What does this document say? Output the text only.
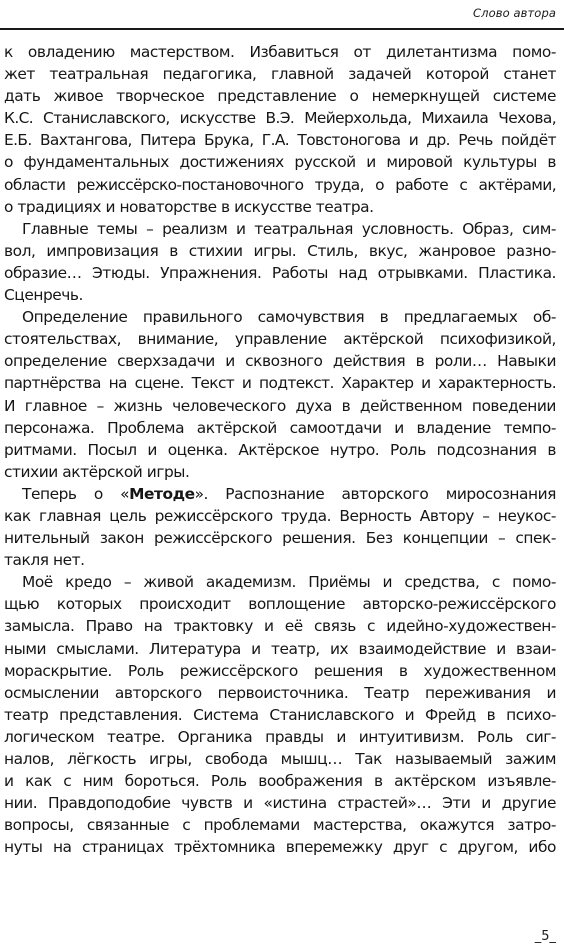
Слово автора
к овладению мастерством. Избавиться от дилетантизма помо-
жет театральная педагогика, главной задачей которой станет
дать живое творческое представление о немеркнущей системе
К.С. Станиславского, искусстве В.Э. Мейерхольда, Михаила Чехова,
Е.Б. Вахтангова, Питера Брука, Г.А. Товстоногова и др. Речь пойдёт
о фундаментальных достижениях русской и мировой культуры в
области режиссёрско-постановочного труда, о работе с актёрами,
о традициях и новаторстве в искусстве театра.
Главные темы – реализм и театральная условность. Образ, сим-
вол, импровизация в стихии игры. Стиль, вкус, жанровое разно-
образие… Этюды. Упражнения. Работы над отрывками. Пластика.
Сценречь.
Определение правильного самочувствия в предлагаемых об-
стоятельствах, внимание, управление актёрской психофизикой,
определение сверхзадачи и сквозного действия в роли… Навыки
партнёрства на сцене. Текст и подтекст. Характер и характерность.
И главное – жизнь человеческого духа в действенном поведении
персонажа. Проблема актёрской самоотдачи и владение темпо-
ритмами. Посыл и оценка. Актёрское нутро. Роль подсознания в
стихии актёрской игры.
Теперь о «Методе». Распознание авторского миросознания
как главная цель режиссёрского труда. Верность Автору – неукос-
нительный закон режиссёрского решения. Без концепции – спек-
такля нет.
Моё кредо – живой академизм. Приёмы и средства, с помо-
щью которых происходит воплощение авторско-режиссёрского
замысла. Право на трактовку и её связь с идейно-художествен-
ными смыслами. Литература и театр, их взаимодействие и взаи-
мораскрытие. Роль режиссёрского решения в художественном
осмыслении авторского первоисточника. Театр переживания и
театр представления. Система Станиславского и Фрейд в психо-
логическом театре. Органика правды и интуитивизм. Роль сиг-
налов, лёгкость игры, свобода мышц… Так называемый зажим
и как с ним бороться. Роль воображения в актёрском изъявле-
нии. Правдоподобие чувств и «истина страстей»… Эти и другие
вопросы, связанные с проблемами мастерства, окажутся затро-
нуты на страницах трёхтомника вперемежку друг с другом, ибо
_5_
